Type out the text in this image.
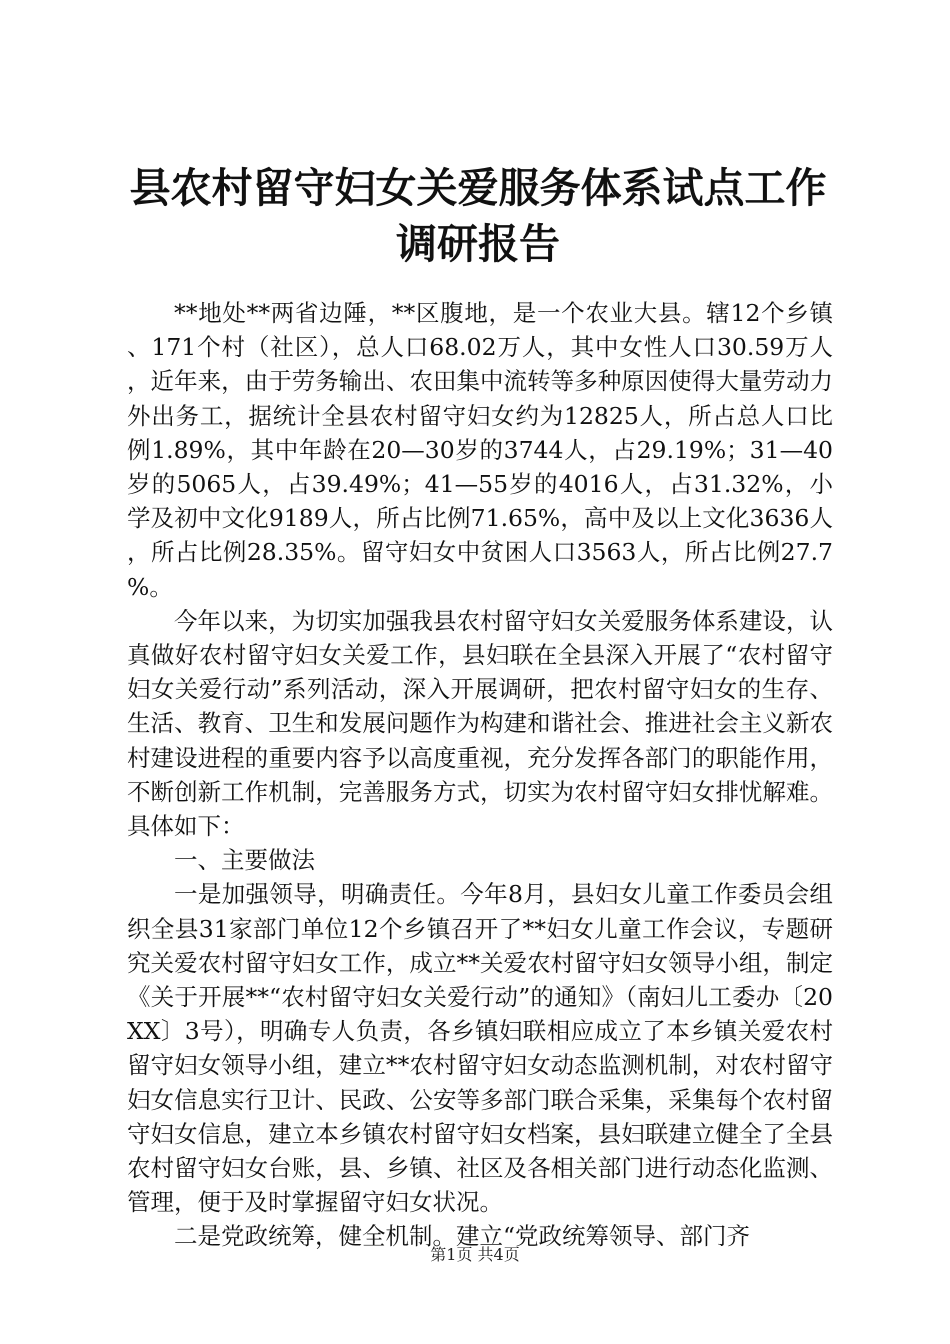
县农村留守妇女关爱服务体系试点工作调研报告

**地处**两省边陲，**区腹地，是一个农业大县。辖12个乡镇、171个村（社区），总人口68.02万人，其中女性人口30.59万人，近年来，由于劳务输出、农田集中流转等多种原因使得大量劳动力外出务工，据统计全县农村留守妇女约为12825人，所占总人口比例1.89%，其中年龄在20—30岁的3744人，占29.19%；31—40岁的5065人，占39.49%；41—55岁的4016人，占31.32%，小学及初中文化9189人，所占比例71.65%，高中及以上文化3636人，所占比例28.35%。留守妇女中贫困人口3563人，所占比例27.7%。

今年以来，为切实加强我县农村留守妇女关爱服务体系建设，认真做好农村留守妇女关爱工作，县妇联在全县深入开展了“农村留守妇女关爱行动”系列活动，深入开展调研，把农村留守妇女的生存、生活、教育、卫生和发展问题作为构建和谐社会、推进社会主义新农村建设进程的重要内容予以高度重视，充分发挥各部门的职能作用，不断创新工作机制，完善服务方式，切实为农村留守妇女排忧解难。具体如下：

一、主要做法

一是加强领导，明确责任。今年8月，县妇女儿童工作委员会组织全县31家部门单位12个乡镇召开了**妇女儿童工作会议，专题研究关爱农村留守妇女工作，成立**关爱农村留守妇女领导小组，制定《关于开展**“农村留守妇女关爱行动”的通知》（南妇儿工委办〔20XX〕3号），明确专人负责，各乡镇妇联相应成立了本乡镇关爱农村留守妇女领导小组，建立**农村留守妇女动态监测机制，对农村留守妇女信息实行卫计、民政、公安等多部门联合采集，采集每个农村留守妇女信息，建立本乡镇农村留守妇女档案，县妇联建立健全了全县农村留守妇女台账，县、乡镇、社区及各相关部门进行动态化监测、管理，便于及时掌握留守妇女状况。

二是党政统筹，健全机制。建立“党政统筹领导、部门齐

第1页 共4页
